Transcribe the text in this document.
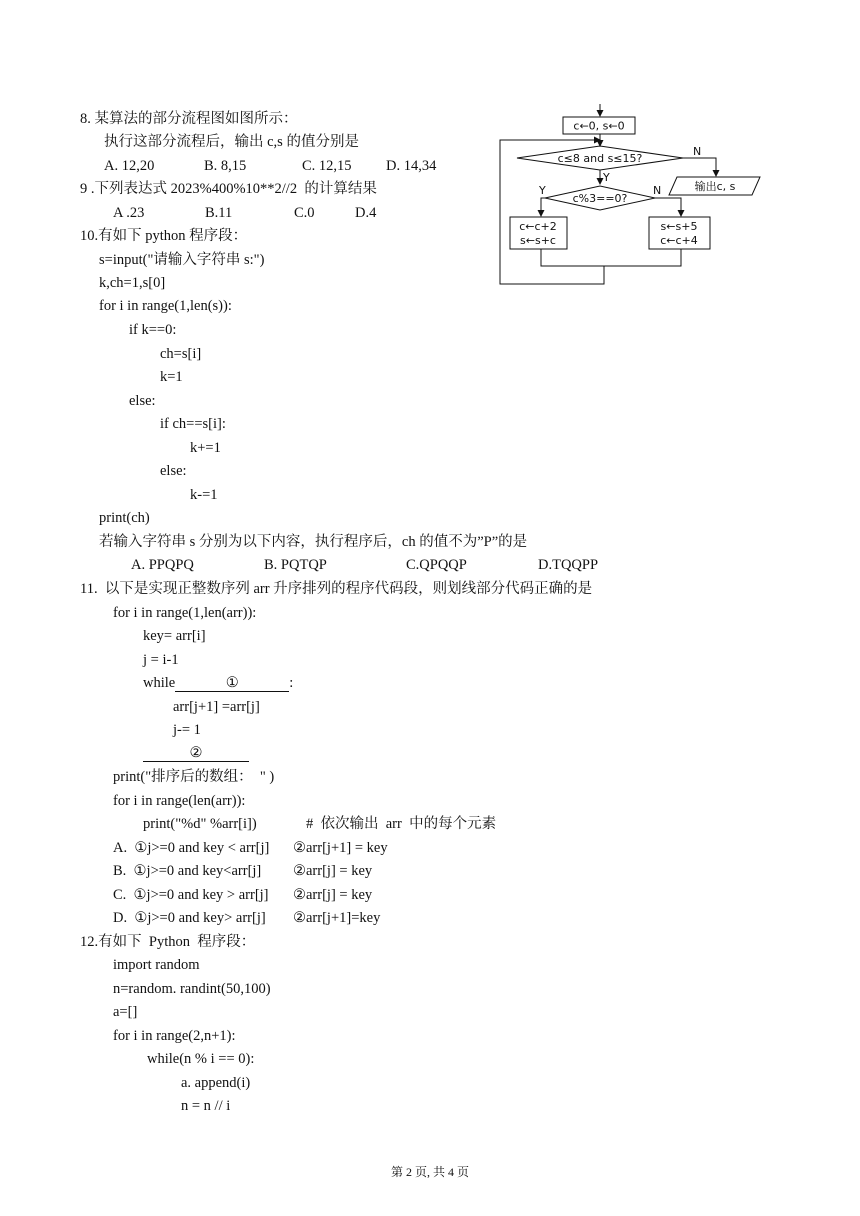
8. 某算法的部分流程图如图所示：
执行这部分流程后，输出 c,s 的值分别是
A. 12,20	B. 8,15	C. 12,15 D. 14,34
9 .下列表达式 2023%400%10**2//2  的计算结果
A .23	B.11	C.0	D.4
10.有如下 python 程序段：
s=input("请输入字符串 s:")
k,ch=1,s[0]
for i in range(1,len(s)):
if k==0:
ch=s[i]
k=1
else:
if ch==s[i]:
k+=1
else:
k-=1
print(ch)
若输入字符串 s 分别为以下内容，执行程序后，ch 的值不为”P”的是
A. PPQPQ	B. PQTQP	C.QPQQP	D.TQQPP
11.  以下是实现正整数序列 arr 升序排列的程序代码段，则划线部分代码正确的是
for i in range(1,len(arr)):
key= arr[i]
j = i-1
while	①	:
arr[j+1] =arr[j]
j-= 1
②
print("排序后的数组：  " )
for i in range(len(arr)):
print("%d" %arr[i])	#  依次输出  arr  中的每个元素
A.  ①j>=0 and key < arr[j] ②arr[j+1] = key
B.  ①j>=0 and key<arr[j] ②arr[j] = key
C.  ①j>=0 and key > arr[j] ②arr[j] = key
D.  ①j>=0 and key> arr[j] ②arr[j+1]=key
12.有如下  Python  程序段：
import random
n=random. randint(50,100)
a=[]
for i in range(2,n+1):
while(n % i == 0):
a. append(i)
n = n // i
c←0, s←0
c≤8 and s≤15?
N
Y
输出c, s
c%3==0?
Y	N
c←c+2
s←s+c
s←s+5
c←c+4
第 2 页, 共 4 页
